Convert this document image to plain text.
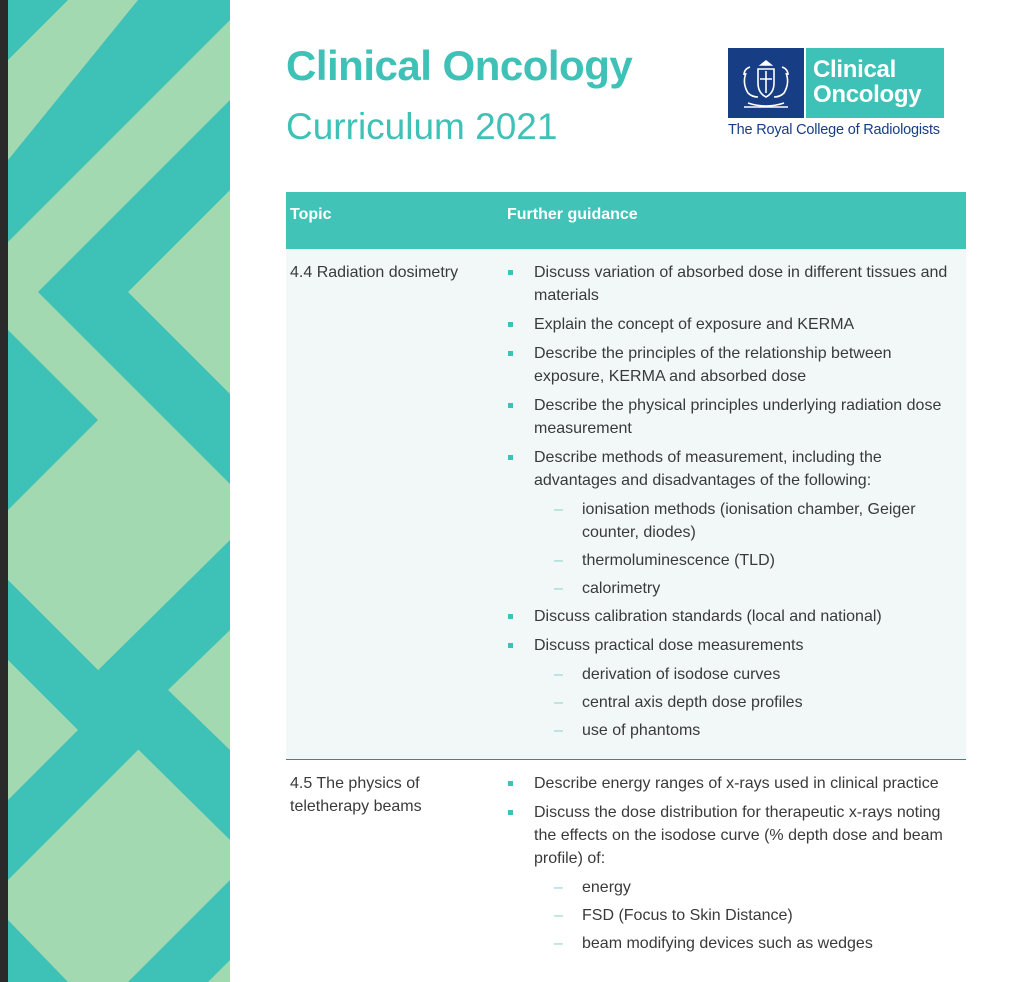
Clinical Oncology
Curriculum 2021
Clinical
Oncology
The Royal College of Radiologists
Topic	Further guidance
4.4 Radiation dosimetry	Discuss variation of absorbed dose in different tissues and materials
Explain the concept of exposure and KERMA
Describe the principles of the relationship between exposure, KERMA and absorbed dose
Describe the physical principles underlying radiation dose measurement
Describe methods of measurement, including the advantages and disadvantages of the following:
– ionisation methods (ionisation chamber, Geiger counter, diodes)
– thermoluminescence (TLD)
– calorimetry
Discuss calibration standards (local and national)
Discuss practical dose measurements
– derivation of isodose curves
– central axis depth dose profiles
– use of phantoms
4.5 The physics of teletherapy beams
Describe energy ranges of x-rays used in clinical practice
Discuss the dose distribution for therapeutic x-rays noting the effects on the isodose curve (% depth dose and beam profile) of:
– energy
– FSD (Focus to Skin Distance)
– beam modifying devices such as wedges
